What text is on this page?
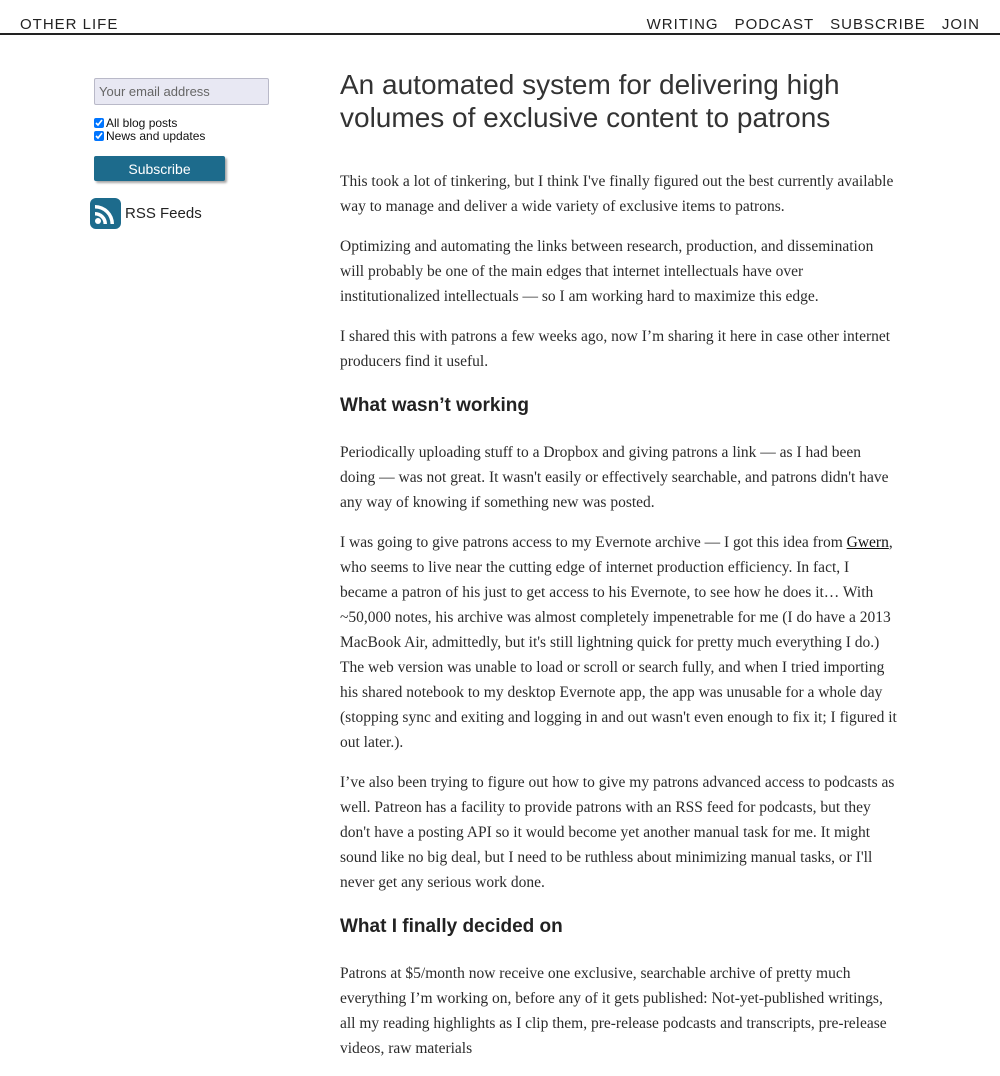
OTHER LIFE	WRITING PODCAST SUBSCRIBE JOIN
Your email address
All blog posts
News and updates
Subscribe
RSS Feeds
An automated system for delivering high volumes of exclusive content to patrons

This took a lot of tinkering, but I think I've finally figured out the best currently available way to manage and deliver a wide variety of exclusive items to patrons.

Optimizing and automating the links between research, production, and dissemination will probably be one of the main edges that internet intellectuals have over institutionalized intellectuals — so I am working hard to maximize this edge.

I shared this with patrons a few weeks ago, now I’m sharing it here in case other internet producers find it useful.

What wasn’t working

Periodically uploading stuff to a Dropbox and giving patrons a link — as I had been doing — was not great. It wasn't easily or effectively searchable, and patrons didn't have any way of knowing if something new was posted.

I was going to give patrons access to my Evernote archive — I got this idea from Gwern, who seems to live near the cutting edge of internet production efficiency. In fact, I became a patron of his just to get access to his Evernote, to see how he does it… With ~50,000 notes, his archive was almost completely impenetrable for me (I do have a 2013 MacBook Air, admittedly, but it's still lightning quick for pretty much everything I do.) The web version was unable to load or scroll or search fully, and when I tried importing his shared notebook to my desktop Evernote app, the app was unusable for a whole day (stopping sync and exiting and logging in and out wasn't even enough to fix it; I figured it out later.).

I’ve also been trying to figure out how to give my patrons advanced access to podcasts as well. Patreon has a facility to provide patrons with an RSS feed for podcasts, but they don't have a posting API so it would become yet another manual task for me. It might sound like no big deal, but I need to be ruthless about minimizing manual tasks, or I'll never get any serious work done.

What I finally decided on

Patrons at $5/month now receive one exclusive, searchable archive of pretty much everything I’m working on, before any of it gets published: Not-yet-published writings, all my reading highlights as I clip them, pre-release podcasts and transcripts, pre-release videos, raw materials
